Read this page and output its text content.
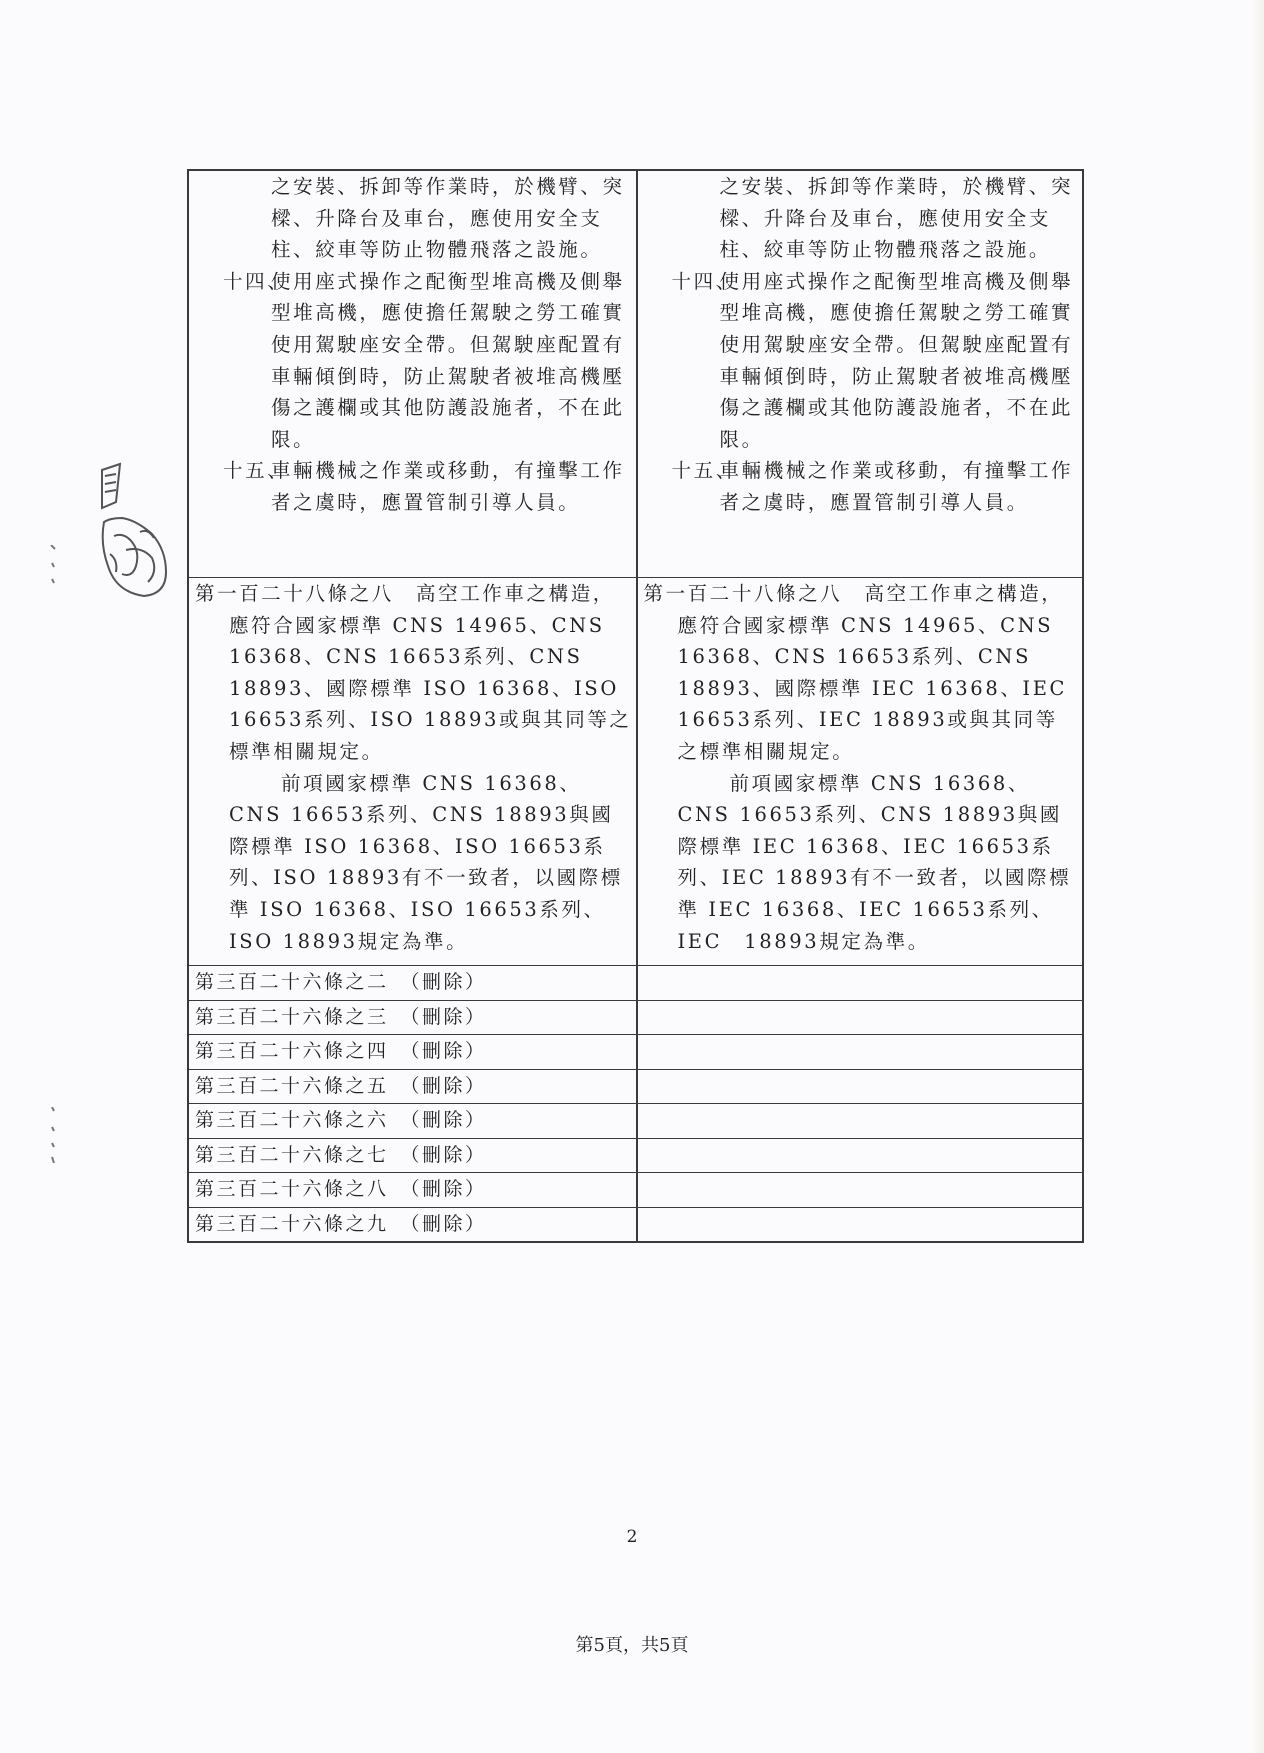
之安裝、拆卸等作業時，於機臂、突樑、升降台及車台，應使用安全支柱、絞車等防止物體飛落之設施。

十四、
使用座式操作之配衡型堆高機及側舉型堆高機，應使擔任駕駛之勞工確實使用駕駛座安全帶。但駕駛座配置有車輛傾倒時，防止駕駛者被堆高機壓傷之護欄或其他防護設施者，不在此限。
十五、
車輛機械之作業或移動，有撞擊工作者之虞時，應置管制引導人員。

之安裝、拆卸等作業時，於機臂、突樑、升降台及車台，應使用安全支柱、絞車等防止物體飛落之設施。

十四、
使用座式操作之配衡型堆高機及側舉型堆高機，應使擔任駕駛之勞工確實使用駕駛座安全帶。但駕駛座配置有車輛傾倒時，防止駕駛者被堆高機壓傷之護欄或其他防護設施者，不在此限。
十五、
車輛機械之作業或移動，有撞擊工作者之虞時，應置管制引導人員。

第一百二十八條之八　高空工作車之構造，應符合國家標準 CNS 14965、CNS 16368、CNS 16653系列、CNS 18893、國際標準 ISO 16368、ISO 16653系列、ISO 18893或與其同等之標準相關規定。

前項國家標準 CNS 16368、CNS 16653系列、CNS 18893與國際標準 ISO 16368、ISO 16653系列、ISO 18893有不一致者，以國際標準 ISO 16368、ISO 16653系列、ISO 18893規定為準。

第一百二十八條之八　高空工作車之構造，應符合國家標準 CNS 14965、CNS 16368、CNS 16653系列、CNS 18893、國際標準 IEC 16368、IEC 16653系列、IEC 18893或與其同等之標準相關規定。

前項國家標準 CNS 16368、CNS 16653系列、CNS 18893與國際標準 IEC 16368、IEC 16653系列、IEC 18893有不一致者，以國際標準 IEC 16368、IEC 16653系列、IEC　18893規定為準。

第三百二十六條之二　（刪除）
第三百二十六條之三　（刪除）
第三百二十六條之四　（刪除）
第三百二十六條之五　（刪除）
第三百二十六條之六　（刪除）
第三百二十六條之七　（刪除）
第三百二十六條之八　（刪除）
第三百二十六條之九　（刪除）
2
第5頁，共5頁
